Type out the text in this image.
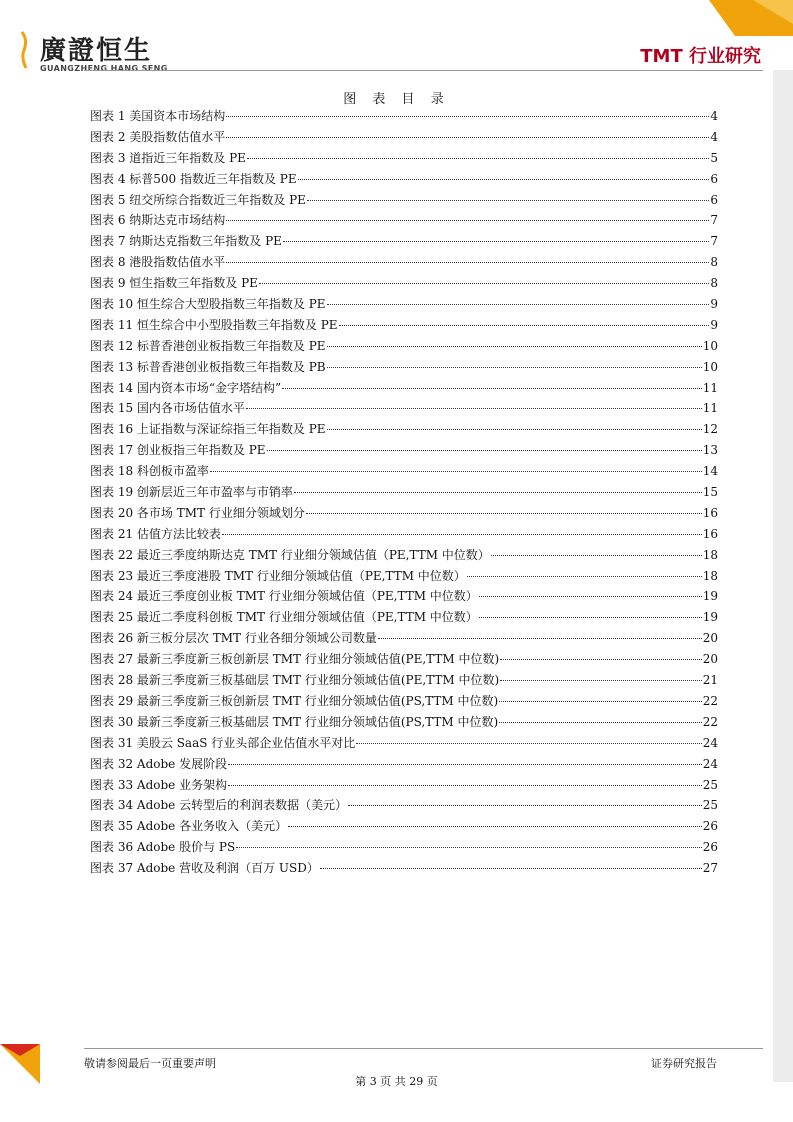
廣證恒生
GUANGZHENG HANG SENG
TMT 行业研究
图 表 目 录
图表 1 美国资本市场结构	4
图表 2 美股指数估值水平	4
图表 3 道指近三年指数及 PE	5
图表 4 标普500 指数近三年指数及 PE	6
图表 5 纽交所综合指数近三年指数及 PE	6
图表 6 纳斯达克市场结构	7
图表 7 纳斯达克指数三年指数及 PE	7
图表 8 港股指数估值水平	8
图表 9 恒生指数三年指数及 PE	8
图表 10 恒生综合大型股指数三年指数及 PE	9
图表 11 恒生综合中小型股指数三年指数及 PE	9
图表 12 标普香港创业板指数三年指数及 PE	10
图表 13 标普香港创业板指数三年指数及 PB	10
图表 14 国内资本市场“金字塔结构”	11
图表 15 国内各市场估值水平	11
图表 16 上证指数与深证综指三年指数及 PE	12
图表 17 创业板指三年指数及 PE	13
图表 18 科创板市盈率	14
图表 19 创新层近三年市盈率与市销率	15
图表 20 各市场 TMT 行业细分领域划分	16
图表 21 估值方法比较表	16
图表 22 最近三季度纳斯达克 TMT 行业细分领域估值（PE,TTM 中位数）	18
图表 23 最近三季度港股 TMT 行业细分领域估值（PE,TTM 中位数）	18
图表 24 最近三季度创业板 TMT 行业细分领域估值（PE,TTM 中位数）	19
图表 25 最近二季度科创板 TMT 行业细分领域估值（PE,TTM 中位数）	19
图表 26 新三板分层次 TMT 行业各细分领域公司数量	20
图表 27 最新三季度新三板创新层 TMT 行业细分领域估值(PE,TTM 中位数)	20
图表 28 最新三季度新三板基础层 TMT 行业细分领域估值(PE,TTM 中位数)	21
图表 29 最新三季度新三板创新层 TMT 行业细分领域估值(PS,TTM 中位数)	22
图表 30 最新三季度新三板基础层 TMT 行业细分领域估值(PS,TTM 中位数)	22
图表 31 美股云 SaaS 行业头部企业估值水平对比	24
图表 32 Adobe 发展阶段	24
图表 33 Adobe 业务架构	25
图表 34 Adobe 云转型后的利润表数据（美元）	25
图表 35 Adobe 各业务收入（美元）	26
图表 36 Adobe 股价与 PS	26
图表 37 Adobe 营收及利润（百万 USD）	27
敬请参阅最后一页重要声明	证券研究报告
第 3 页 共 29 页
